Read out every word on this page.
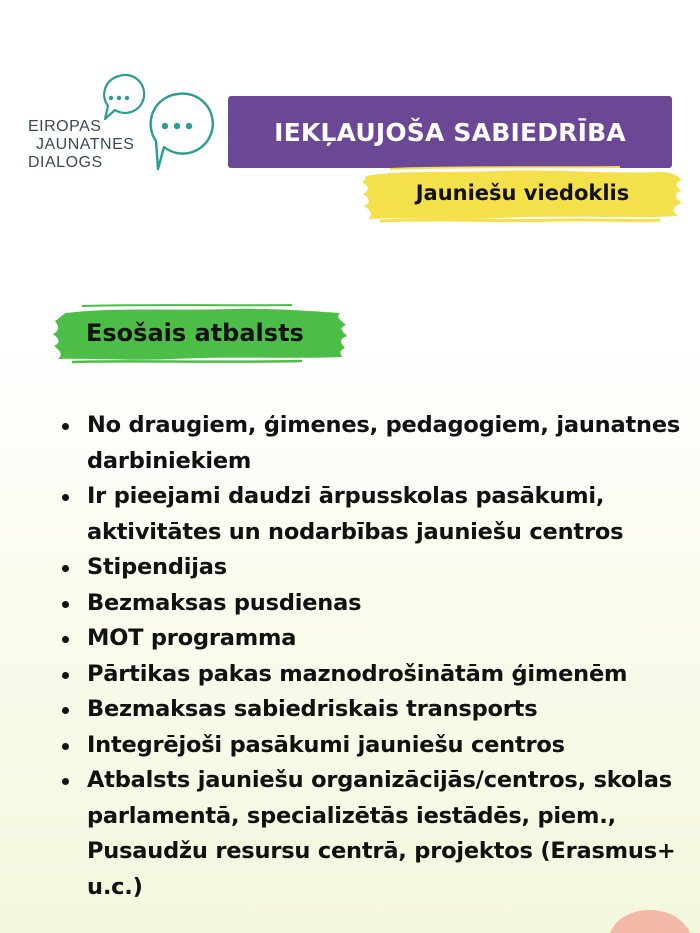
EIROPAS
JAUNATNES
DIALOGS
IEKĻAUJOŠA SABIEDRĪBA
Jauniešu viedoklis
Esošais atbalsts
No draugiem, ģimenes, pedagogiem, jaunatnes darbiniekiem
Ir pieejami daudzi ārpusskolas pasākumi, aktivitātes un nodarbības jauniešu centros
Stipendijas
Bezmaksas pusdienas
MOT programma
Pārtikas pakas maznodrošinātām ģimenēm
Bezmaksas sabiedriskais transports
Integrējoši pasākumi jauniešu centros
Atbalsts jauniešu organizācijās/centros, skolas parlamentā, specializētās iestādēs, piem., Pusaudžu resursu centrā, projektos (Erasmus+ u.c.)
